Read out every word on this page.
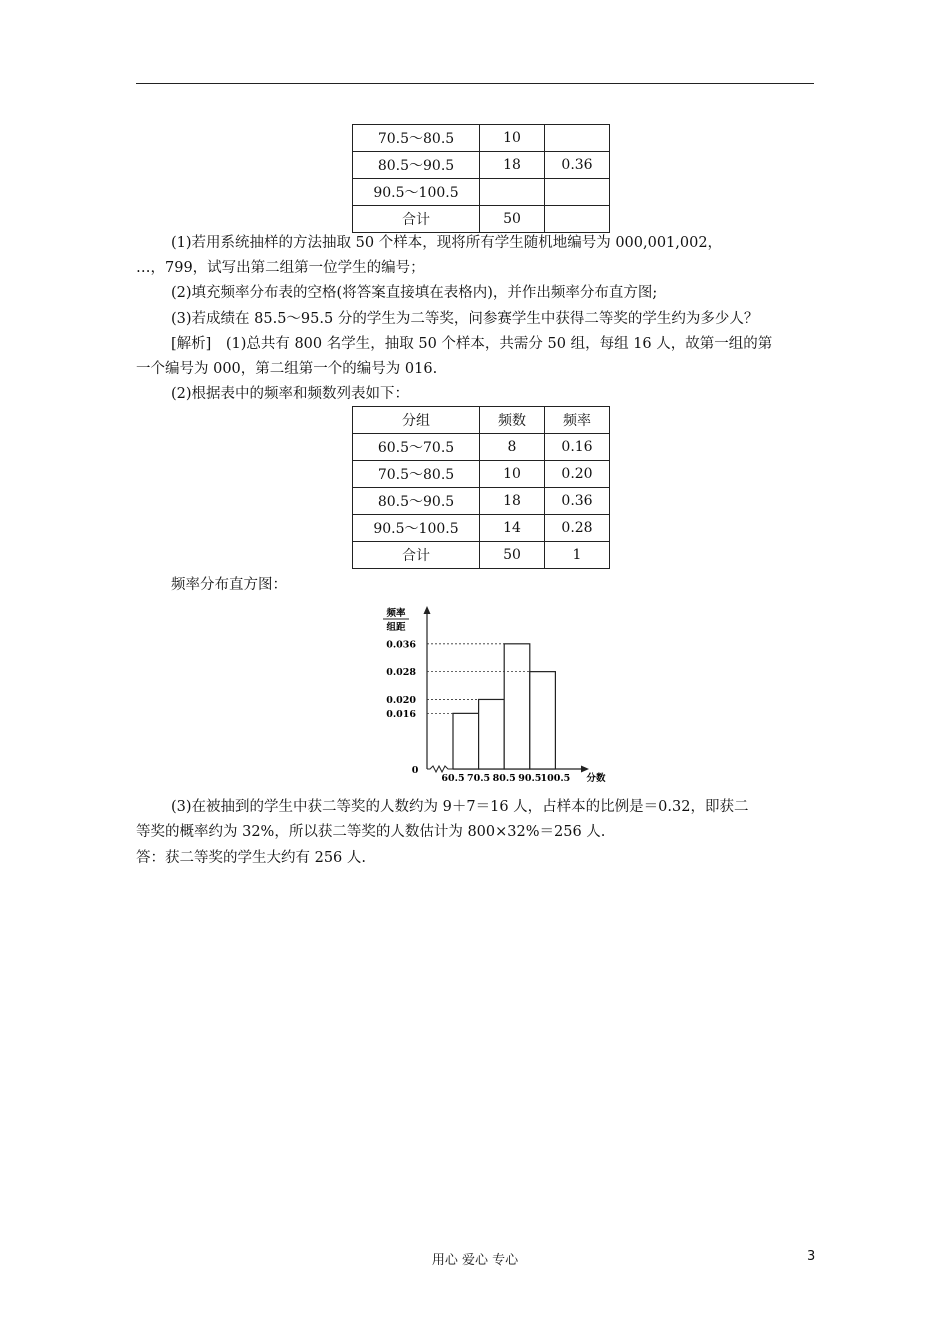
70.5～80.5	10	
80.5～90.5	18	0.36
90.5～100.5		
合计	50	
(1)若用系统抽样的方法抽取 50 个样本，现将所有学生随机地编号为 000,001,002，
…，799，试写出第二组第一位学生的编号；
(2)填充频率分布表的空格(将答案直接填在表格内)，并作出频率分布直方图;
(3)若成绩在 85.5～95.5 分的学生为二等奖，问参赛学生中获得二等奖的学生约为多少人？
[解析]　(1)总共有 800 名学生，抽取 50 个样本，共需分 50 组，每组 16 人，故第一组的第
一个编号为 000，第二组第一个的编号为 016.
(2)根据表中的频率和频数列表如下：
分组	频数	频率
60.5～70.5	8	0.16
70.5～80.5	10	0.20
80.5～90.5	18	0.36
90.5～100.5	14	0.28
合计	50	1
频率分布直方图：
频率
组距
0.036
0.028
0.020
0.016
60.5 70.5 80.5 90.5 100.5
0
分数
(3)在被抽到的学生中获二等奖的人数约为 9＋7＝16 人，占样本的比例是＝0.32，即获二
等奖的概率约为 32%，所以获二等奖的人数估计为 800×32%＝256 人.
答：获二等奖的学生大约有 256 人.
用心 爱心 专心	3
